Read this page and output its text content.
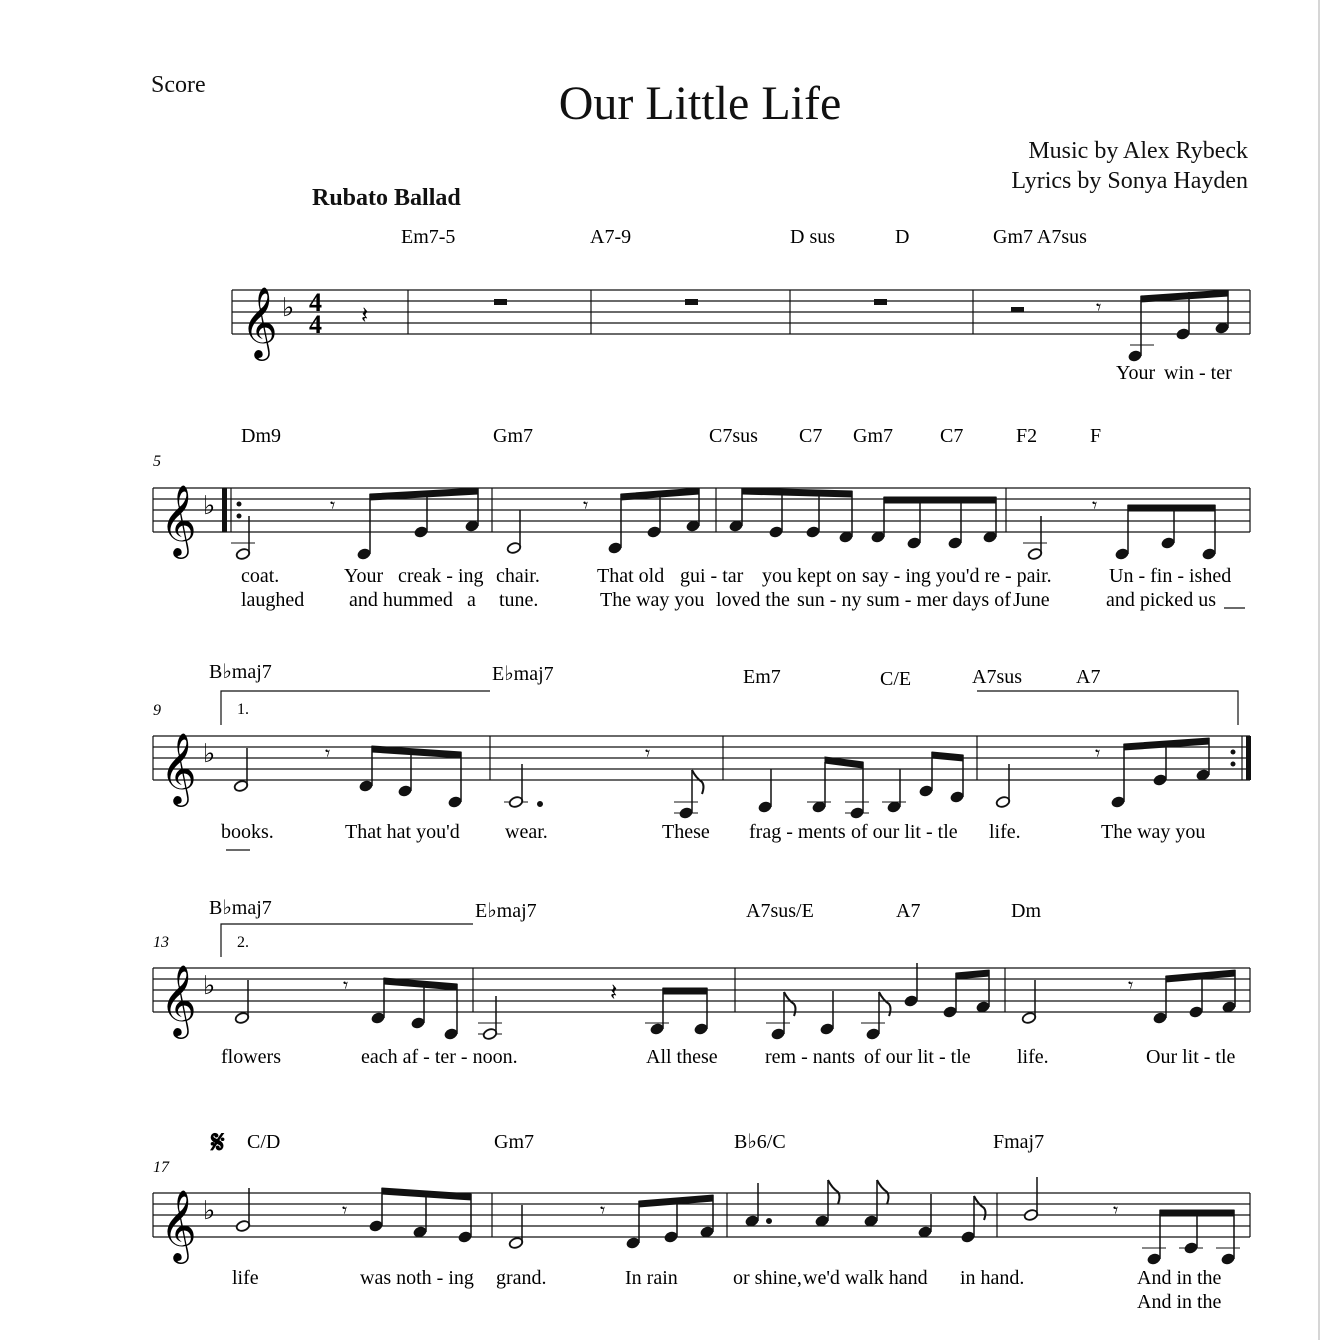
Score	Our Little Life
Music by Alex Rybeck
Lyrics by Sonya Hayden
Rubato Ballad
5
9
13
17
Em7-5	A7-9	D sus	D	Gm7 A7sus
𝄞 ♭ 4
4 𝄽	𝄾
Your win - ter
Dm9	Gm7	C7sus C7 Gm7 C7	F2	F
𝄞 ♭	𝄾	𝄾	𝄾
coat.	Your creak - ing chair.	That old gui - tar you kept on say - ing you'd re - pair.	Un - fin - ished
laughed and hummed a tune.	The way you loved the sun - ny sum - mer days of June	and picked us
B♭maj7	E♭maj7	Em7	C/E	A7sus	A7
1.
𝄞 ♭	𝄾	𝄾	𝄾
books.	That hat you'd wear.	These frag - ments of our lit - tle life.	The way you
B♭maj7	E♭maj7	A7sus/E	A7	Dm
2.
𝄞 ♭	𝄾	𝄽	𝄾
flowers	each af - ter - noon.	All these rem - nants of our lit - tle life.	Our lit - tle
𝄋 C/D	Gm7	B♭6/C	Fmaj7
𝄞 ♭	𝄾	𝄾	𝄾
life	was noth - ing grand.	In rain	or shine, we'd walk hand in hand.	And in the
And in the
